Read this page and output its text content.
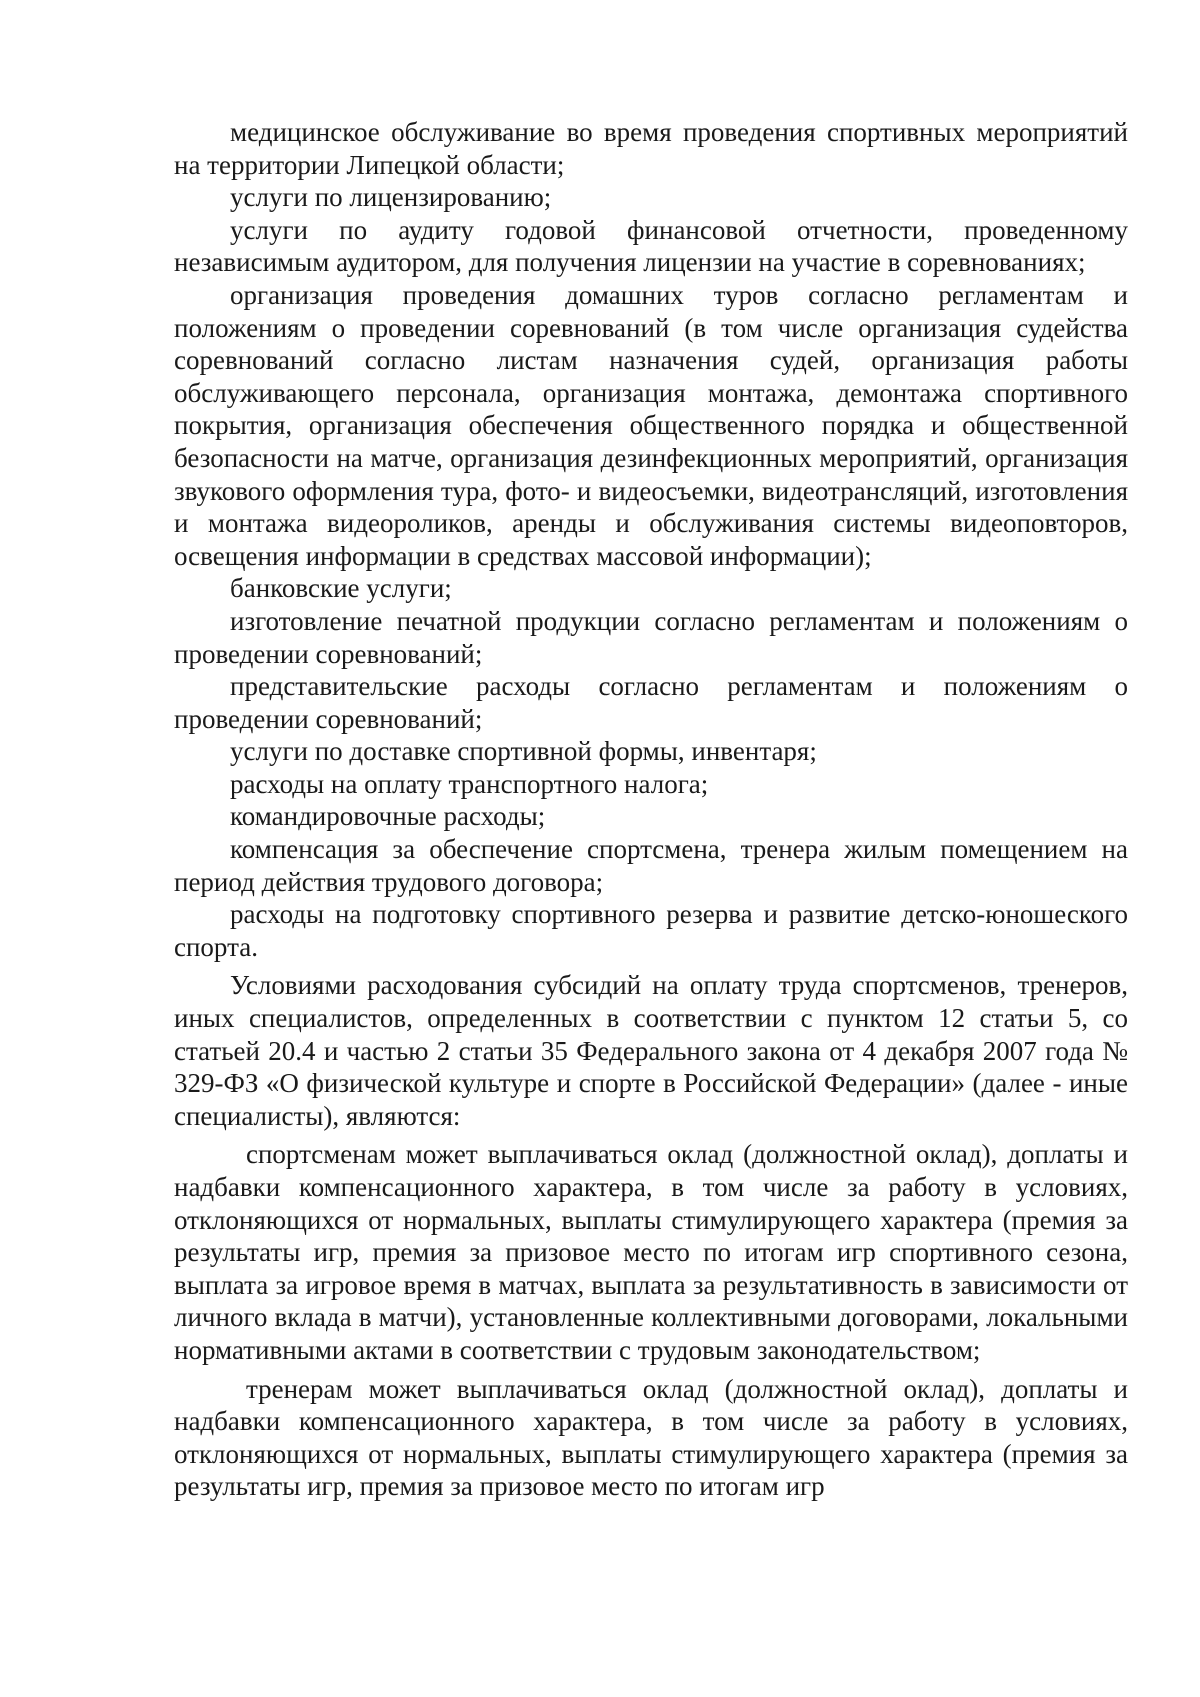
медицинское обслуживание во время проведения спортивных мероприятий на территории Липецкой области;

услуги по лицензированию;

услуги по аудиту годовой финансовой отчетности, проведенному независимым аудитором, для получения лицензии на участие в соревнованиях;

организация проведения домашних туров согласно регламентам и положениям о проведении соревнований (в том числе организация судейства соревнований согласно листам назначения судей, организация работы обслуживающего персонала, организация монтажа, демонтажа спортивного покрытия, организация обеспечения общественного порядка и общественной безопасности на матче, организация дезинфекционных мероприятий, организация звукового оформления тура, фото- и видеосъемки, видеотрансляций, изготовления и монтажа видеороликов, аренды и обслуживания системы видеоповторов, освещения информации в средствах массовой информации);

банковские услуги;

изготовление печатной продукции согласно регламентам и положениям о проведении соревнований;

представительские расходы согласно регламентам и положениям о проведении соревнований;

услуги по доставке спортивной формы, инвентаря;

расходы на оплату транспортного налога;

командировочные расходы;

компенсация за обеспечение спортсмена, тренера жилым помещением на период действия трудового договора;

расходы на подготовку спортивного резерва и развитие детско-юношеского спорта.

Условиями расходования субсидий на оплату труда спортсменов, тренеров, иных специалистов, определенных в соответствии с пунктом 12 статьи 5, со статьей 20.4 и частью 2 статьи 35 Федерального закона от 4 декабря 2007 года № 329-ФЗ «О физической культуре и спорте в Российской Федерации» (далее - иные специалисты), являются:

спортсменам может выплачиваться оклад (должностной оклад), доплаты и надбавки компенсационного характера, в том числе за работу в условиях, отклоняющихся от нормальных, выплаты стимулирующего характера (премия за результаты игр, премия за призовое место по итогам игр спортивного сезона, выплата за игровое время в матчах, выплата за результативность в зависимости от личного вклада в матчи), установленные коллективными договорами, локальными нормативными актами в соответствии с трудовым законодательством;

тренерам может выплачиваться оклад (должностной оклад), доплаты и надбавки компенсационного характера, в том числе за работу в условиях, отклоняющихся от нормальных, выплаты стимулирующего характера (премия за результаты игр, премия за призовое место по итогам игр
